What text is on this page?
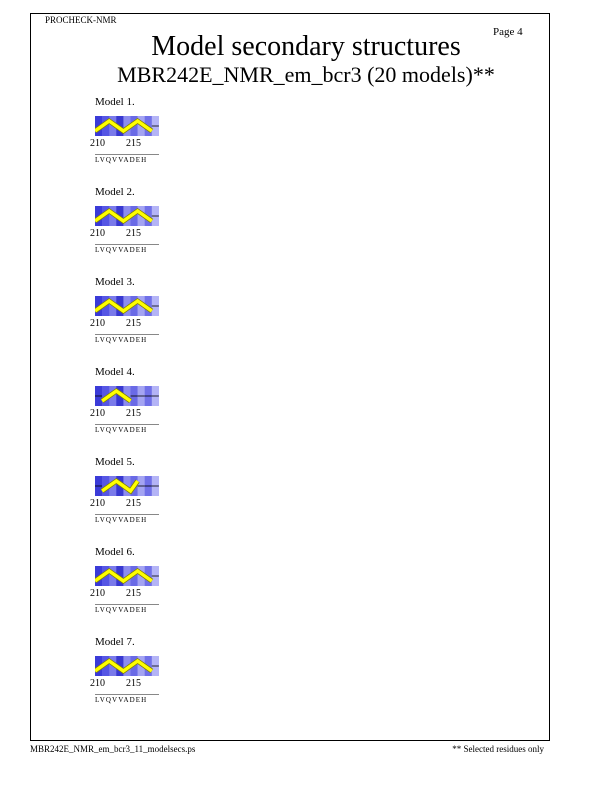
PROCHECK-NMR
Page 4
Model secondary structures
MBR242E_NMR_em_bcr3 (20 models)**
Model 1.
210 215
LVQVVADEH
Model 2.
210 215
LVQVVADEH
Model 3.
210 215
LVQVVADEH
Model 4.
210 215
LVQVVADEH
Model 5.
210 215
LVQVVADEH
Model 6.
210 215
LVQVVADEH
Model 7.
210 215
LVQVVADEH
MBR242E_NMR_em_bcr3_11_modelsecs.ps	** Selected residues only
